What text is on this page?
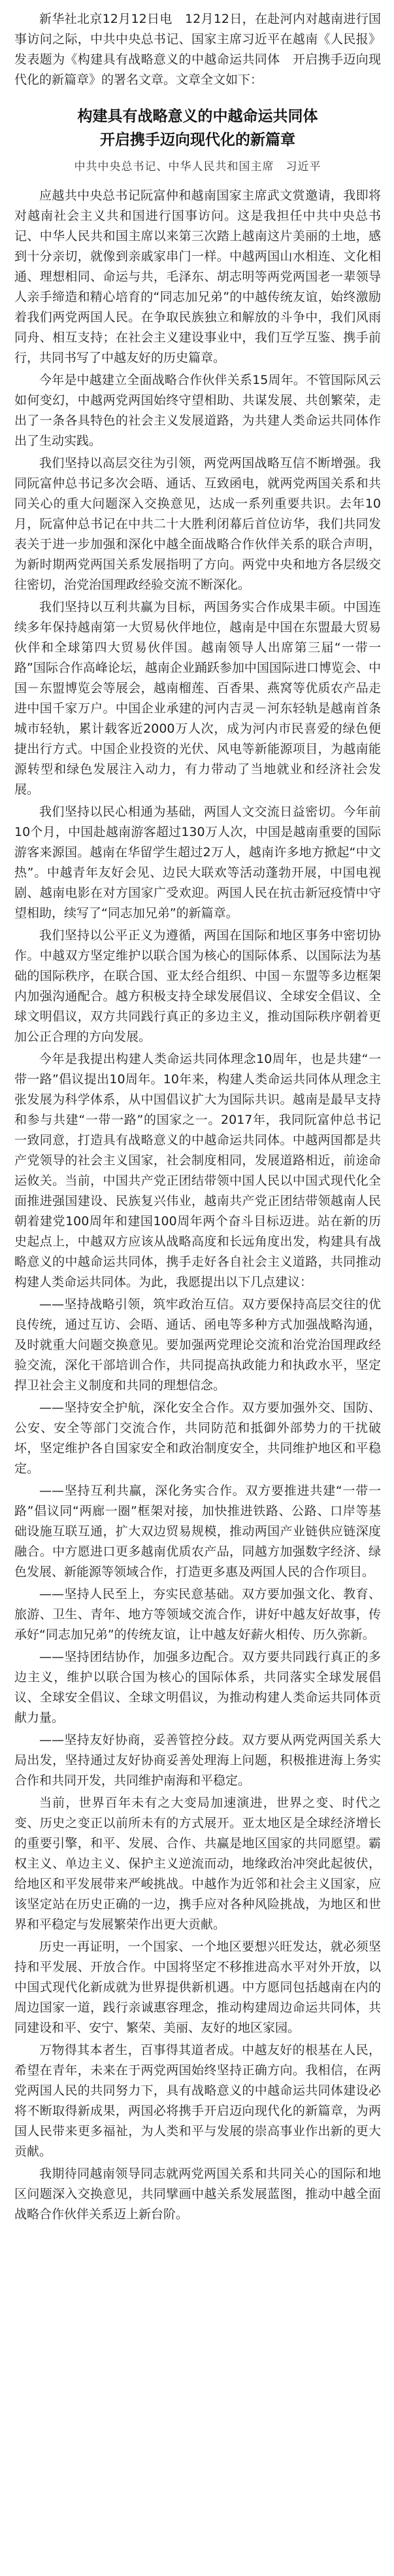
新华社北京12月12日电　12月12日，在赴河内对越南进行国事访问之际，中共中央总书记、国家主席习近平在越南《人民报》发表题为《构建具有战略意义的中越命运共同体　开启携手迈向现代化的新篇章》的署名文章。文章全文如下：

构建具有战略意义的中越命运共同体

开启携手迈向现代化的新篇章

中共中央总书记、中华人民共和国主席　习近平

应越共中央总书记阮富仲和越南国家主席武文赏邀请，我即将对越南社会主义共和国进行国事访问。这是我担任中共中央总书记、中华人民共和国主席以来第三次踏上越南这片美丽的土地，感到十分亲切，就像到亲戚家串门一样。中越两国山水相连、文化相通、理想相同、命运与共，毛泽东、胡志明等两党两国老一辈领导人亲手缔造和精心培育的“同志加兄弟”的中越传统友谊，始终激励着我们两党两国人民。在争取民族独立和解放的斗争中，我们风雨同舟、相互支持；在社会主义建设事业中，我们互学互鉴、携手前行，共同书写了中越友好的历史篇章。

今年是中越建立全面战略合作伙伴关系15周年。不管国际风云如何变幻，中越两党两国始终守望相助、共谋发展、共创繁荣，走出了一条各具特色的社会主义发展道路，为共建人类命运共同体作出了生动实践。

我们坚持以高层交往为引领，两党两国战略互信不断增强。我同阮富仲总书记多次会晤、通话、互致函电，就两党两国关系和共同关心的重大问题深入交换意见，达成一系列重要共识。去年10月，阮富仲总书记在中共二十大胜利闭幕后首位访华，我们共同发表关于进一步加强和深化中越全面战略合作伙伴关系的联合声明，为新时期两党两国关系发展指明了方向。两党中央和地方各层级交往密切，治党治国理政经验交流不断深化。

我们坚持以互利共赢为目标，两国务实合作成果丰硕。中国连续多年保持越南第一大贸易伙伴地位，越南是中国在东盟最大贸易伙伴和全球第四大贸易伙伴国。越南领导人出席第三届“一带一路”国际合作高峰论坛，越南企业踊跃参加中国国际进口博览会、中国－东盟博览会等展会，越南榴莲、百香果、燕窝等优质农产品走进中国千家万户。中国企业承建的河内吉灵－河东轻轨是越南首条城市轻轨，累计载客近2000万人次，成为河内市民喜爱的绿色便捷出行方式。中国企业投资的光伏、风电等新能源项目，为越南能源转型和绿色发展注入动力，有力带动了当地就业和经济社会发展。

我们坚持以民心相通为基础，两国人文交流日益密切。今年前10个月，中国赴越南游客超过130万人次，中国是越南重要的国际游客来源国。越南在华留学生超过2万人，越南许多地方掀起“中文热”。中越青年友好会见、边民大联欢等活动蓬勃开展，中国电视剧、越南电影在对方国家广受欢迎。两国人民在抗击新冠疫情中守望相助，续写了“同志加兄弟”的新篇章。

我们坚持以公平正义为遵循，两国在国际和地区事务中密切协作。中越双方坚定维护以联合国为核心的国际体系、以国际法为基础的国际秩序，在联合国、亚太经合组织、中国－东盟等多边框架内加强沟通配合。越方积极支持全球发展倡议、全球安全倡议、全球文明倡议，双方共同践行真正的多边主义，推动国际秩序朝着更加公正合理的方向发展。

今年是我提出构建人类命运共同体理念10周年，也是共建“一带一路”倡议提出10周年。10年来，构建人类命运共同体从理念主张发展为科学体系，从中国倡议扩大为国际共识。越南是最早支持和参与共建“一带一路”的国家之一。2017年，我同阮富仲总书记一致同意，打造具有战略意义的中越命运共同体。中越两国都是共产党领导的社会主义国家，社会制度相同，发展道路相近，前途命运攸关。当前，中国共产党正团结带领中国人民以中国式现代化全面推进强国建设、民族复兴伟业，越南共产党正团结带领越南人民朝着建党100周年和建国100周年两个奋斗目标迈进。站在新的历史起点上，中越双方应该从战略高度和长远角度出发，构建具有战略意义的中越命运共同体，携手走好各自社会主义道路，共同推动构建人类命运共同体。为此，我愿提出以下几点建议：

——坚持战略引领，筑牢政治互信。双方要保持高层交往的优良传统，通过互访、会晤、通话、函电等多种方式加强战略沟通，及时就重大问题交换意见。要加强两党理论交流和治党治国理政经验交流，深化干部培训合作，共同提高执政能力和执政水平，坚定捍卫社会主义制度和共同的理想信念。

——坚持安全护航，深化安全合作。双方要加强外交、国防、公安、安全等部门交流合作，共同防范和抵御外部势力的干扰破坏，坚定维护各自国家安全和政治制度安全，共同维护地区和平稳定。

——坚持互利共赢，深化务实合作。双方要推进共建“一带一路”倡议同“两廊一圈”框架对接，加快推进铁路、公路、口岸等基础设施互联互通，扩大双边贸易规模，推动两国产业链供应链深度融合。中方愿进口更多越南优质农产品，同越方加强数字经济、绿色发展、新能源等领域合作，打造更多惠及两国人民的合作项目。

——坚持人民至上，夯实民意基础。双方要加强文化、教育、旅游、卫生、青年、地方等领域交流合作，讲好中越友好故事，传承好“同志加兄弟”的传统友谊，让中越友好薪火相传、历久弥新。

——坚持团结协作，加强多边配合。双方要共同践行真正的多边主义，维护以联合国为核心的国际体系，共同落实全球发展倡议、全球安全倡议、全球文明倡议，为推动构建人类命运共同体贡献力量。

——坚持友好协商，妥善管控分歧。双方要从两党两国关系大局出发，坚持通过友好协商妥善处理海上问题，积极推进海上务实合作和共同开发，共同维护南海和平稳定。

当前，世界百年未有之大变局加速演进，世界之变、时代之变、历史之变正以前所未有的方式展开。亚太地区是全球经济增长的重要引擎，和平、发展、合作、共赢是地区国家的共同愿望。霸权主义、单边主义、保护主义逆流而动，地缘政治冲突此起彼伏，给地区和平发展带来严峻挑战。中越作为近邻和社会主义国家，应该坚定站在历史正确的一边，携手应对各种风险挑战，为地区和世界和平稳定与发展繁荣作出更大贡献。

历史一再证明，一个国家、一个地区要想兴旺发达，就必须坚持和平发展、开放合作。中国将坚定不移推进高水平对外开放，以中国式现代化新成就为世界提供新机遇。中方愿同包括越南在内的周边国家一道，践行亲诚惠容理念，推动构建周边命运共同体，共同建设和平、安宁、繁荣、美丽、友好的地区家园。

万物得其本者生，百事得其道者成。中越友好的根基在人民，希望在青年，未来在于两党两国始终坚持正确方向。我相信，在两党两国人民的共同努力下，具有战略意义的中越命运共同体建设必将不断取得新成果，两国必将携手开启迈向现代化的新篇章，为两国人民带来更多福祉，为人类和平与发展的崇高事业作出新的更大贡献。

我期待同越南领导同志就两党两国关系和共同关心的国际和地区问题深入交换意见，共同擘画中越关系发展蓝图，推动中越全面战略合作伙伴关系迈上新台阶。
